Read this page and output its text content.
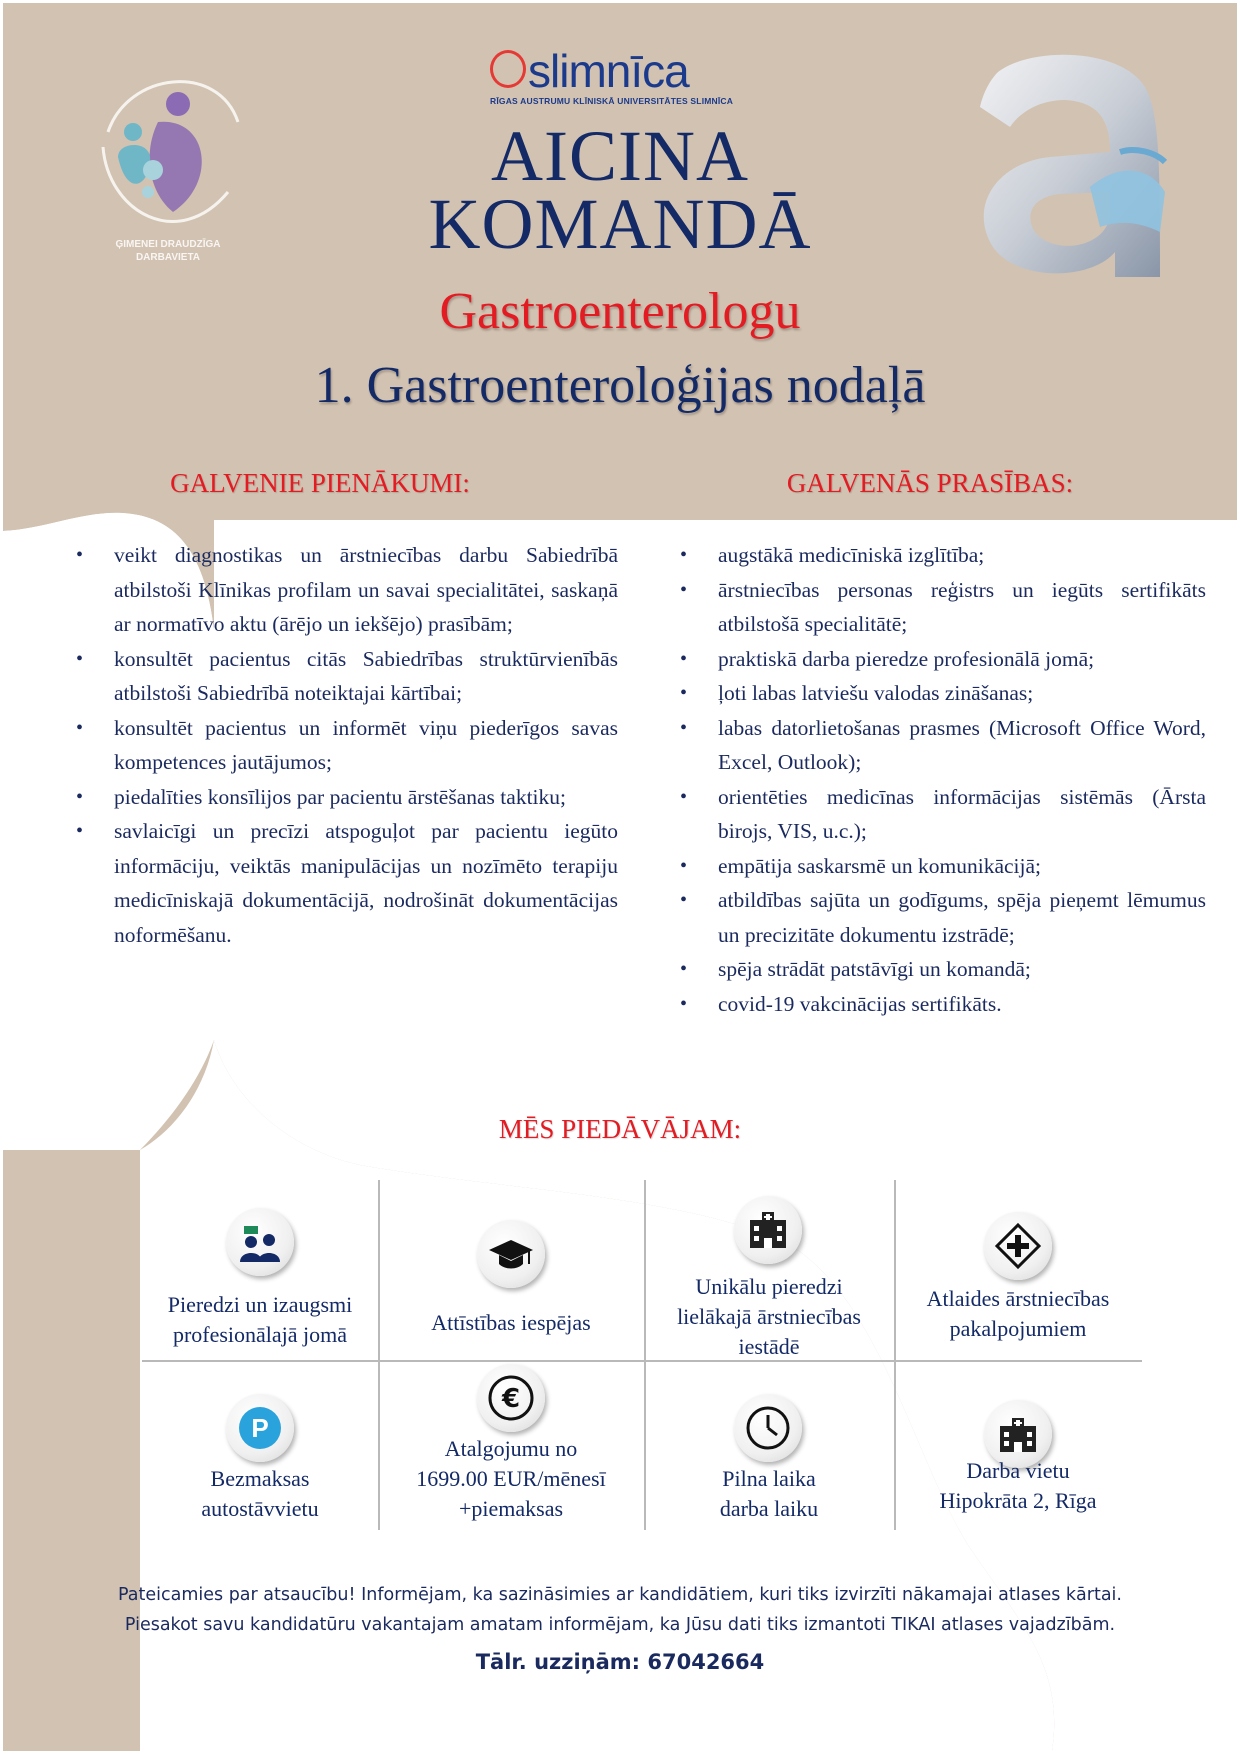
ĢIMENEI DRAUDZĪGA DARBAVIETA
slimnīca
RĪGAS AUSTRUMU KLĪNISKĀ UNIVERSITĀTES SLIMNĪCA
AICINA
KOMANDĀ
Gastroenterologu
1. Gastroenteroloģijas nodaļā
GALVENIE PIENĀKUMI:	GALVENĀS PRASĪBAS:
• veikt diagnostikas un ārstniecības darbu Sabiedrībā atbilstoši Klīnikas profilam un savai specialitātei, saskaņā ar normatīvo aktu (ārējo un iekšējo) prasībām;
• konsultēt pacientus citās Sabiedrības struktūrvienībās atbilstoši Sabiedrībā noteiktajai kārtībai;
• konsultēt pacientus un informēt viņu piederīgos savas kompetences jautājumos;
• piedalīties konsīlijos par pacientu ārstēšanas taktiku;
• savlaicīgi un precīzi atspoguļot par pacientu iegūto informāciju, veiktās manipulācijas un nozīmēto terapiju medicīniskajā dokumentācijā, nodrošināt dokumentācijas noformēšanu.
• augstākā medicīniskā izglītība;
• ārstniecības personas reģistrs un iegūts sertifikāts atbilstošā specialitātē;
• praktiskā darba pieredze profesionālā jomā;
• ļoti labas latviešu valodas zināšanas;
• labas datorlietošanas prasmes (Microsoft Office Word, Excel, Outlook);
• orientēties medicīnas informācijas sistēmās (Ārsta birojs, VIS, u.c.);
• empātija saskarsmē un komunikācijā;
• atbildības sajūta un godīgums, spēja pieņemt lēmumus un precizitāte dokumentu izstrādē;
• spēja strādāt patstāvīgi un komandā;
• covid-19 vakcinācijas sertifikāts.
MĒS PIEDĀVĀJAM:
Pieredzi un izaugsmi
profesionālajā jomā	Attīstības iespējas
Unikālu pieredzi
lielākajā ārstniecības
iestādē
Atlaides ārstniecības
pakalpojumiem
P
Bezmaksas
autostāvvietu
€
Atalgojumu no
1699.00 EUR/mēnesī
+piemaksas
Pilna laika
darba laiku
Darba vietu
Hipokrāta 2, Rīga
Pateicamies par atsaucību! Informējam, ka sazināsimies ar kandidātiem, kuri tiks izvirzīti nākamajai atlases kārtai.
Piesakot savu kandidatūru vakantajam amatam informējam, ka Jūsu dati tiks izmantoti TIKAI atlases vajadzībām.
Tālr. uzziņām: 67042664
